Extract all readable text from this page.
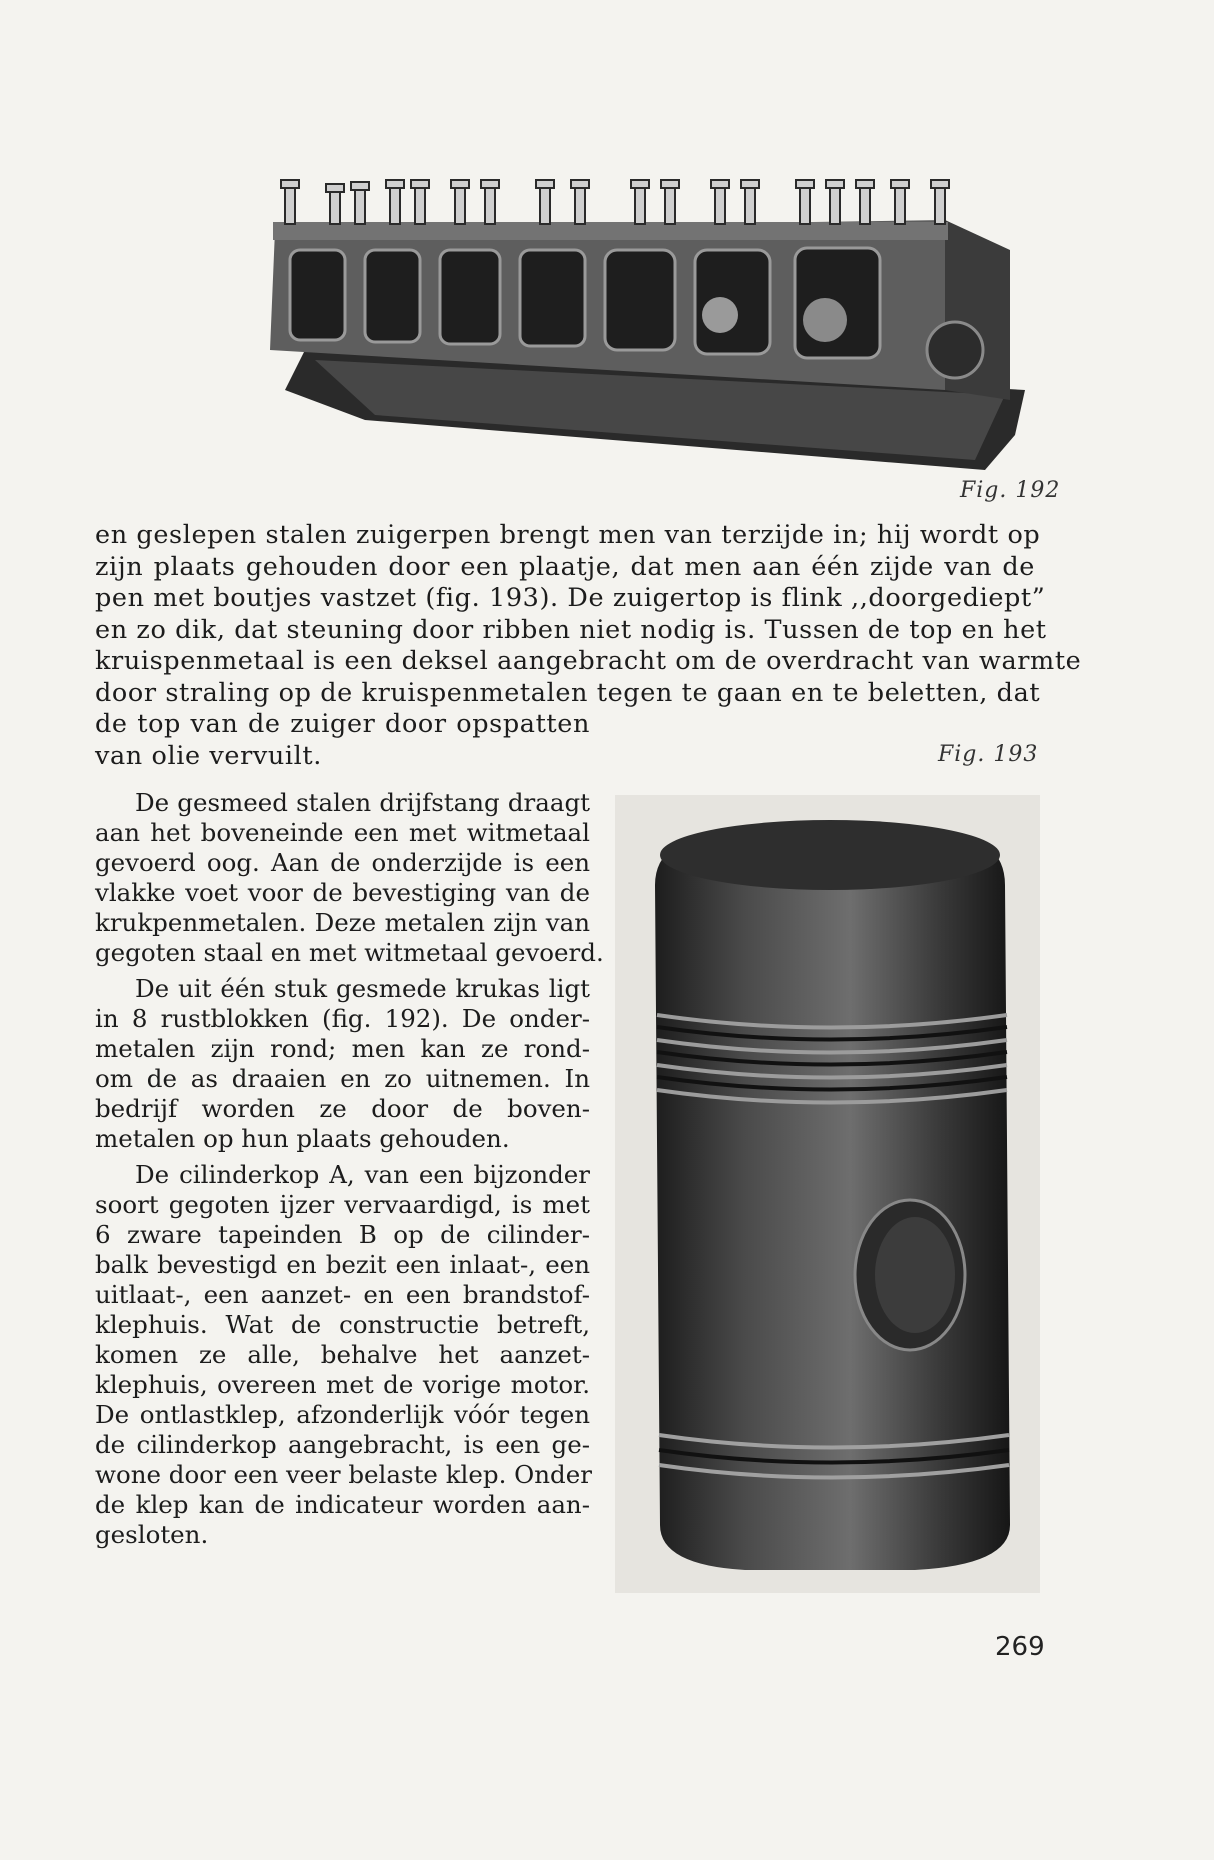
Fig. 192
en geslepen stalen zuigerpen brengt men van terzijde in; hij wordt op
zijn plaats gehouden door een plaatje, dat men aan één zijde van de
pen met boutjes vastzet (fig. 193). De zuigertop is flink ,,doorgediept”
en zo dik, dat steuning door ribben niet nodig is. Tussen de top en het
kruispenmetaal is een deksel aangebracht om de overdracht van warmte
door straling op de kruispenmetalen tegen te gaan en te beletten, dat
de top van de zuiger door opspatten
van olie vervuilt.	Fig. 193
De gesmeed stalen drijfstang draagt
aan het boveneinde een met witmetaal
gevoerd oog. Aan de onderzijde is een
vlakke voet voor de bevestiging van de
krukpenmetalen. Deze metalen zijn van
gegoten staal en met witmetaal gevoerd.
De uit één stuk gesmede krukas ligt
in 8 rustblokken (fig. 192). De onder-
metalen zijn rond; men kan ze rond-
om de as draaien en zo uitnemen. In
bedrijf worden ze door de boven-
metalen op hun plaats gehouden.
De cilinderkop A, van een bijzonder
soort gegoten ijzer vervaardigd, is met
6 zware tapeinden B op de cilinder-
balk bevestigd en bezit een inlaat-, een
uitlaat-, een aanzet- en een brandstof-
klephuis. Wat de constructie betreft,
komen ze alle, behalve het aanzet-
klephuis, overeen met de vorige motor.
De ontlastklep, afzonderlijk vóór tegen
de cilinderkop aangebracht, is een ge-
wone door een veer belaste klep. Onder
de klep kan de indicateur worden aan-
gesloten.
269
